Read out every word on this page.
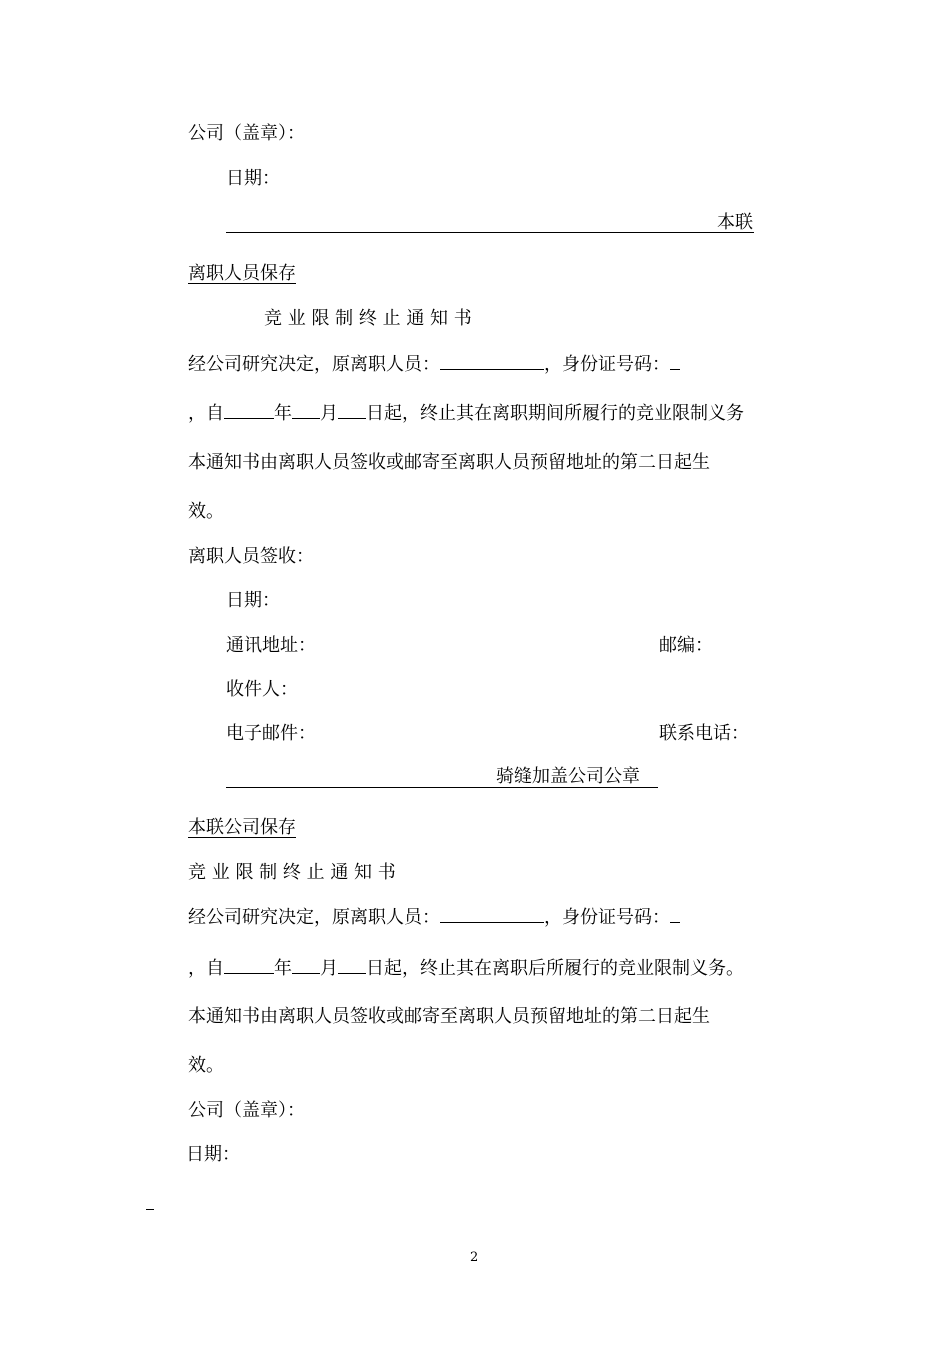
公司（盖章）：
日期：
本联
离职人员保存
竞 业 限 制 终 止 通 知 书
经公司研究决定，原离职人员：	，身份证号码：
，自	年 月 日起，终止其在离职期间所履行的竞业限制义务
本通知书由离职人员签收或邮寄至离职人员预留地址的第二日起生
效。
离职人员签收：
日期：
通讯地址：	邮编：
收件人：
电子邮件：	联系电话：
骑缝加盖公司公章
本联公司保存
竞 业 限 制 终 止 通 知 书
经公司研究决定，原离职人员：	，身份证号码：
，自	年 月 日起，终止其在离职后所履行的竞业限制义务。
本通知书由离职人员签收或邮寄至离职人员预留地址的第二日起生
效。
公司（盖章）：
日期：
2
